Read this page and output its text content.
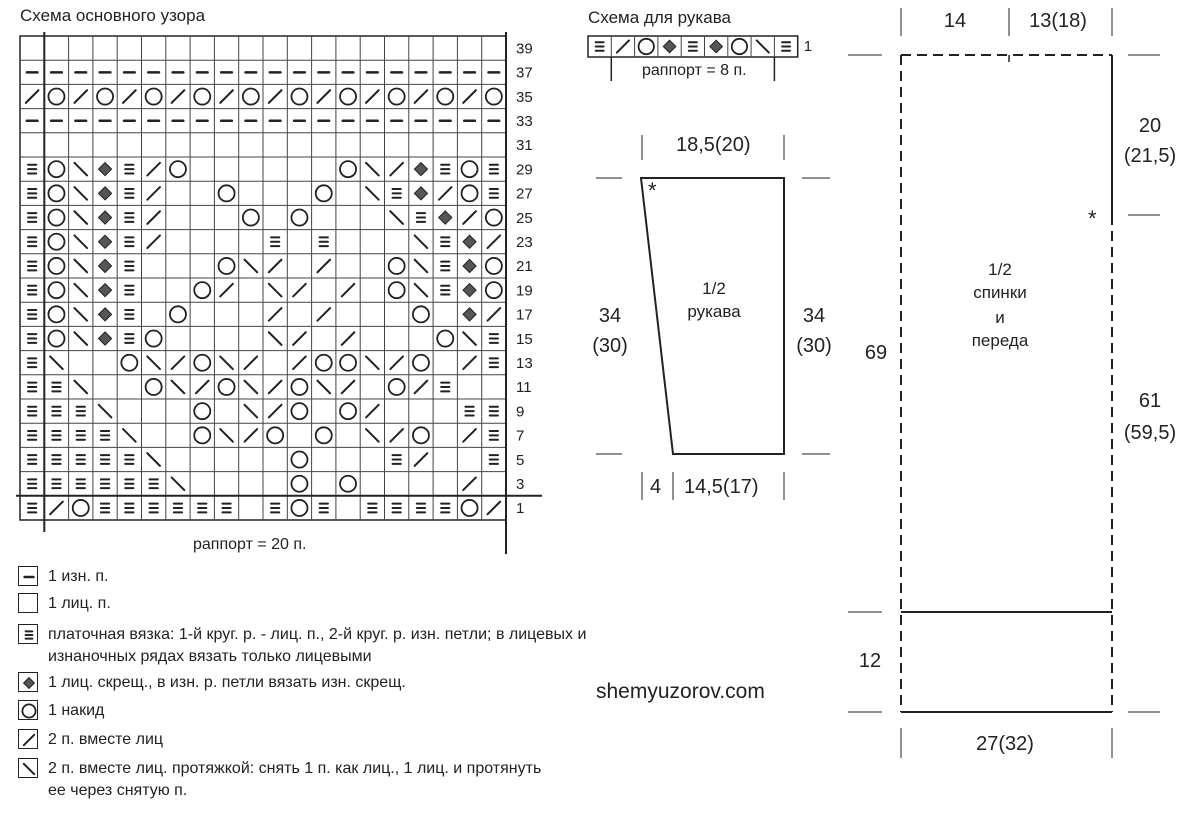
Схема основного узора
39
37
35
33
31
29
27
25
23
21
19
17
15
13
11
9
7
5
3
1
раппорт = 20 п.
Схема для рукава
1
раппорт = 8 п.
18,5(20)
*
34
(30)
34
(30)
1/2
рукава
4 14,5(17)
14	13(18)
20
(21,5)
*
61
(59,5)
69
12
27(32)
1/2
спинки
и
переда
shemyuzorov.com
1 изн. п.
1 лиц. п.
платочная вязка: 1-й круг. р. - лиц. п., 2-й круг. р. изн. петли; в лицевых и
изнаночных рядах вязать только лицевыми
1 лиц. скрещ., в изн. р. петли вязать изн. скрещ.
1 накид
2 п. вместе лиц
2 п. вместе лиц. протяжкой: снять 1 п. как лиц., 1 лиц. и протянуть
ее через снятую п.
